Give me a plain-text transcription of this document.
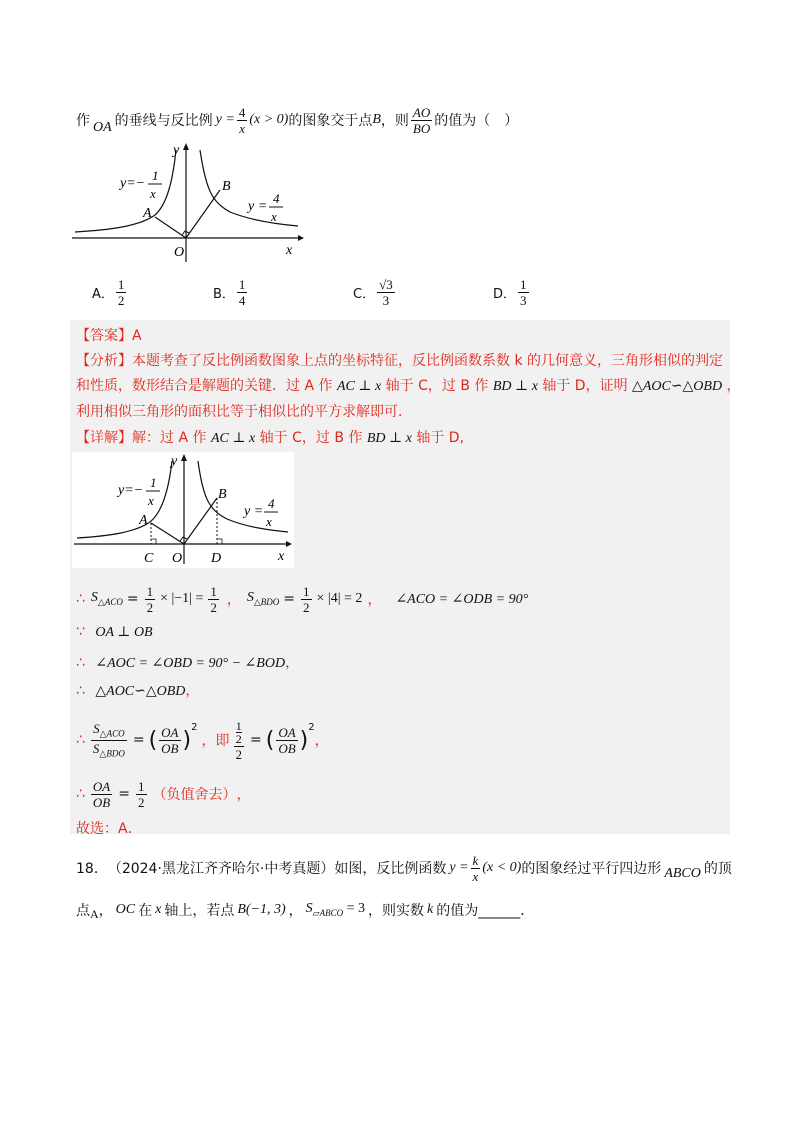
作 OA 的垂线与反比例 $y = \frac{4}{x} (x > 0)$ 的图象交于点 B ，则 $\frac{AO}{BO}$ 的值为（　）
y=−
1
x
y =
4
x
A
B
O	x
y
A． $\frac{1}{2}$	B． $\frac{1}{4}$	C． $\frac{√3}{3}$	D． $\frac{1}{3}$
【答案】A
【分析】本题考查了反比例函数图象上点的坐标特征，反比例函数系数 k 的几何意义，三角形相似的判定
和性质，数形结合是解题的关键．过 A 作 AC ⊥ x 轴于 C，过 B 作 BD ⊥ x 轴于 D，证明 △AOC∽△OBD ，
利用相似三角形的面积比等于相似比的平方求解即可．
【详解】解：过 A 作 AC ⊥ x 轴于 C，过 B 作 BD ⊥ x 轴于 D,
y=−
1
x
y =
4
x
A
B
O
C	D	x
y
∴ $S_{\triangle ACO} = \frac{1}{2} \times |-1| = \frac{1}{2}$ ， $S_{\triangle BDO} = \frac{1}{2} \times |4| = 2$ ， ∠ACO = ∠ODB = 90°
∵ OA ⊥ OB
∴ ∠AOC = ∠OBD = 90° − ∠BOD，
∴ △AOC∽△OBD，
∴ $\frac{S_{\triangle ACO}}{S_{\triangle BDO}}$ = ( $\frac{OA}{OB} )^2$
，即 $\frac{\frac{1}{2}}{2}$ = ( $\frac{OA}{OB} )^2$
，
∴ $\frac{OA}{OB} = \frac{1}{2}$ （负值舍去） ，
故选：A．
18． （2024·黑龙江齐齐哈尔·中考真题） 如图，反比例函数 $y = \frac{k}{x} (x < 0)$ 的图象经过平行四边形 ABCO 的顶
点 A ， OC 在 x 轴上，若点 B(−1, 3) ， $S_{▱ABCO} = 3$ ，则实数 k 的值为______．
